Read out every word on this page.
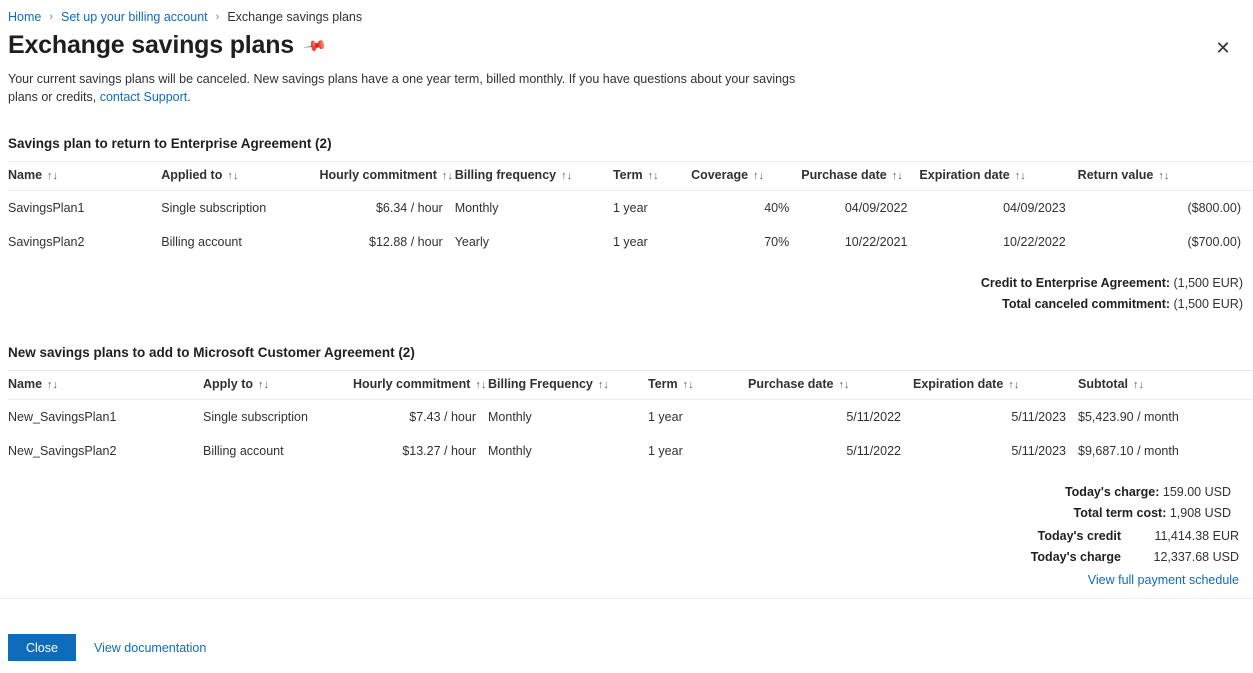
Home › Set up your billing account › Exchange savings plans
Exchange savings plans 📌	✕
Your current savings plans will be canceled. New savings plans have a one year term, billed monthly. If you have questions about your savings plans or credits, contact Support.
Savings plan to return to Enterprise Agreement (2)
Name ↑↓	Applied to ↑↓	Hourly commitment ↑↓	Billing frequency ↑↓	Term ↑↓	Coverage ↑↓	Purchase date ↑↓	Expiration date ↑↓	Return value ↑↓
SavingsPlan1	Single subscription	$6.34 / hour	Monthly	1 year	40%	04/09/2022	04/09/2023	($800.00)
SavingsPlan2	Billing account	$12.88 / hour	Yearly	1 year	70%	10/22/2021	10/22/2022	($700.00)
Credit to Enterprise Agreement: (1,500 EUR)
Total canceled commitment: (1,500 EUR)
New savings plans to add to Microsoft Customer Agreement (2)
Name ↑↓	Apply to ↑↓	Hourly commitment ↑↓	Billing Frequency ↑↓	Term ↑↓	Purchase date ↑↓	Expiration date ↑↓	Subtotal ↑↓
New_SavingsPlan1	Single subscription	$7.43 / hour	Monthly	1 year	5/11/2022	5/11/2023	$5,423.90 / month
New_SavingsPlan2	Billing account	$13.27 / hour	Monthly	1 year	5/11/2022	5/11/2023	$9,687.10 / month
Today's charge: 159.00 USD
Total term cost: 1,908 USD
Today's credit	11,414.38 EUR
Today's charge	12,337.68 USD
View full payment schedule
Close	View documentation
